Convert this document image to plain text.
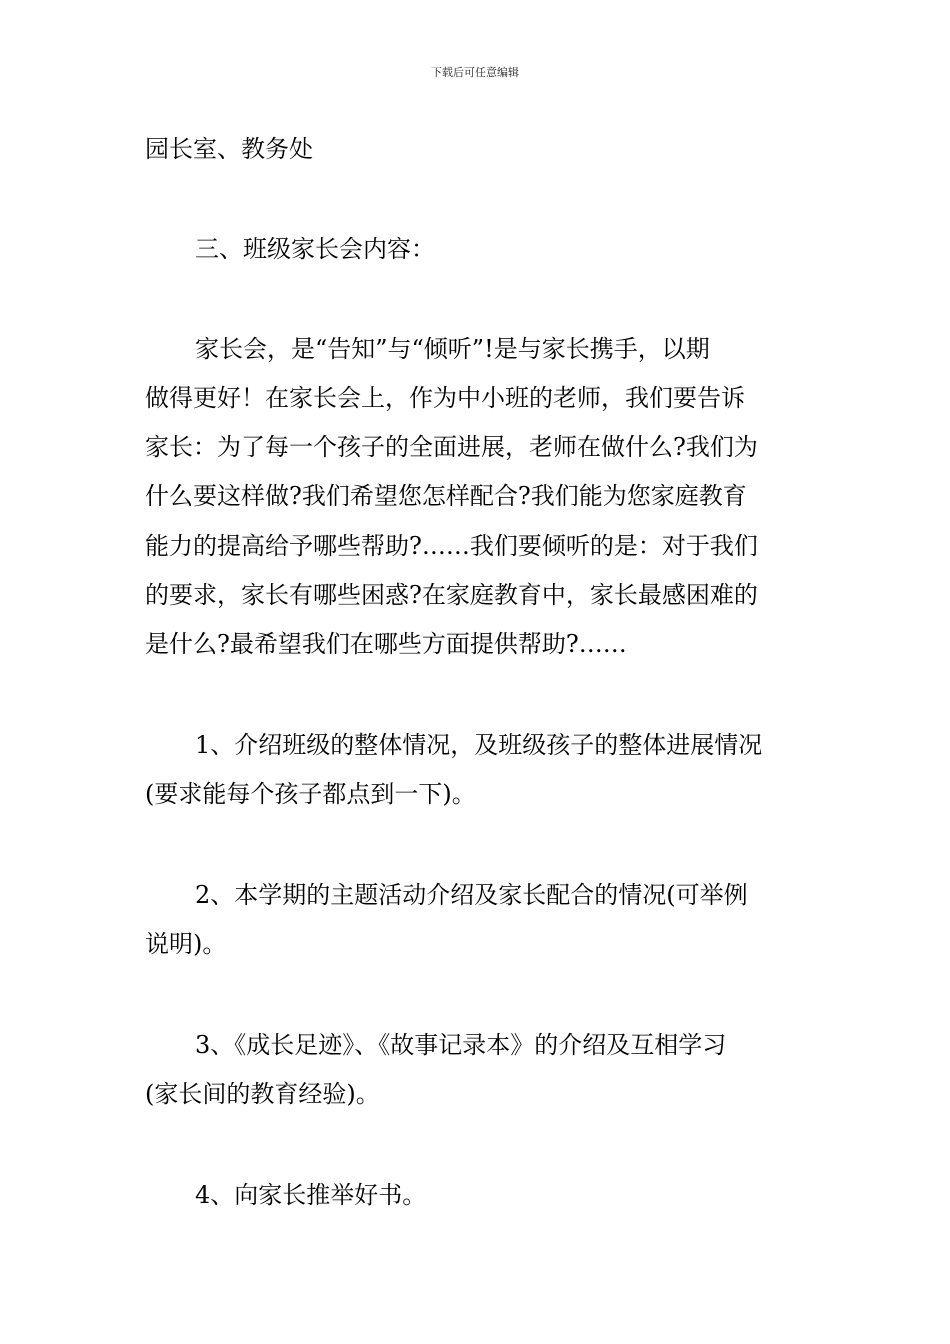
下载后可任意编辑
园长室、教务处
三、班级家长会内容：
家长会，是“告知”与“倾听”!是与家长携手，以期
做得更好！在家长会上，作为中小班的老师，我们要告诉
家长：为了每一个孩子的全面进展，老师在做什么?我们为
什么要这样做?我们希望您怎样配合?我们能为您家庭教育
能力的提高给予哪些帮助?……我们要倾听的是：对于我们
的要求，家长有哪些困惑?在家庭教育中，家长最感困难的
是什么?最希望我们在哪些方面提供帮助?……
1、介绍班级的整体情况，及班级孩子的整体进展情况
(要求能每个孩子都点到一下)。
2、本学期的主题活动介绍及家长配合的情况(可举例
说明)。
3、《成长足迹》、《故事记录本》的介绍及互相学习
(家长间的教育经验)。
4、向家长推举好书。
